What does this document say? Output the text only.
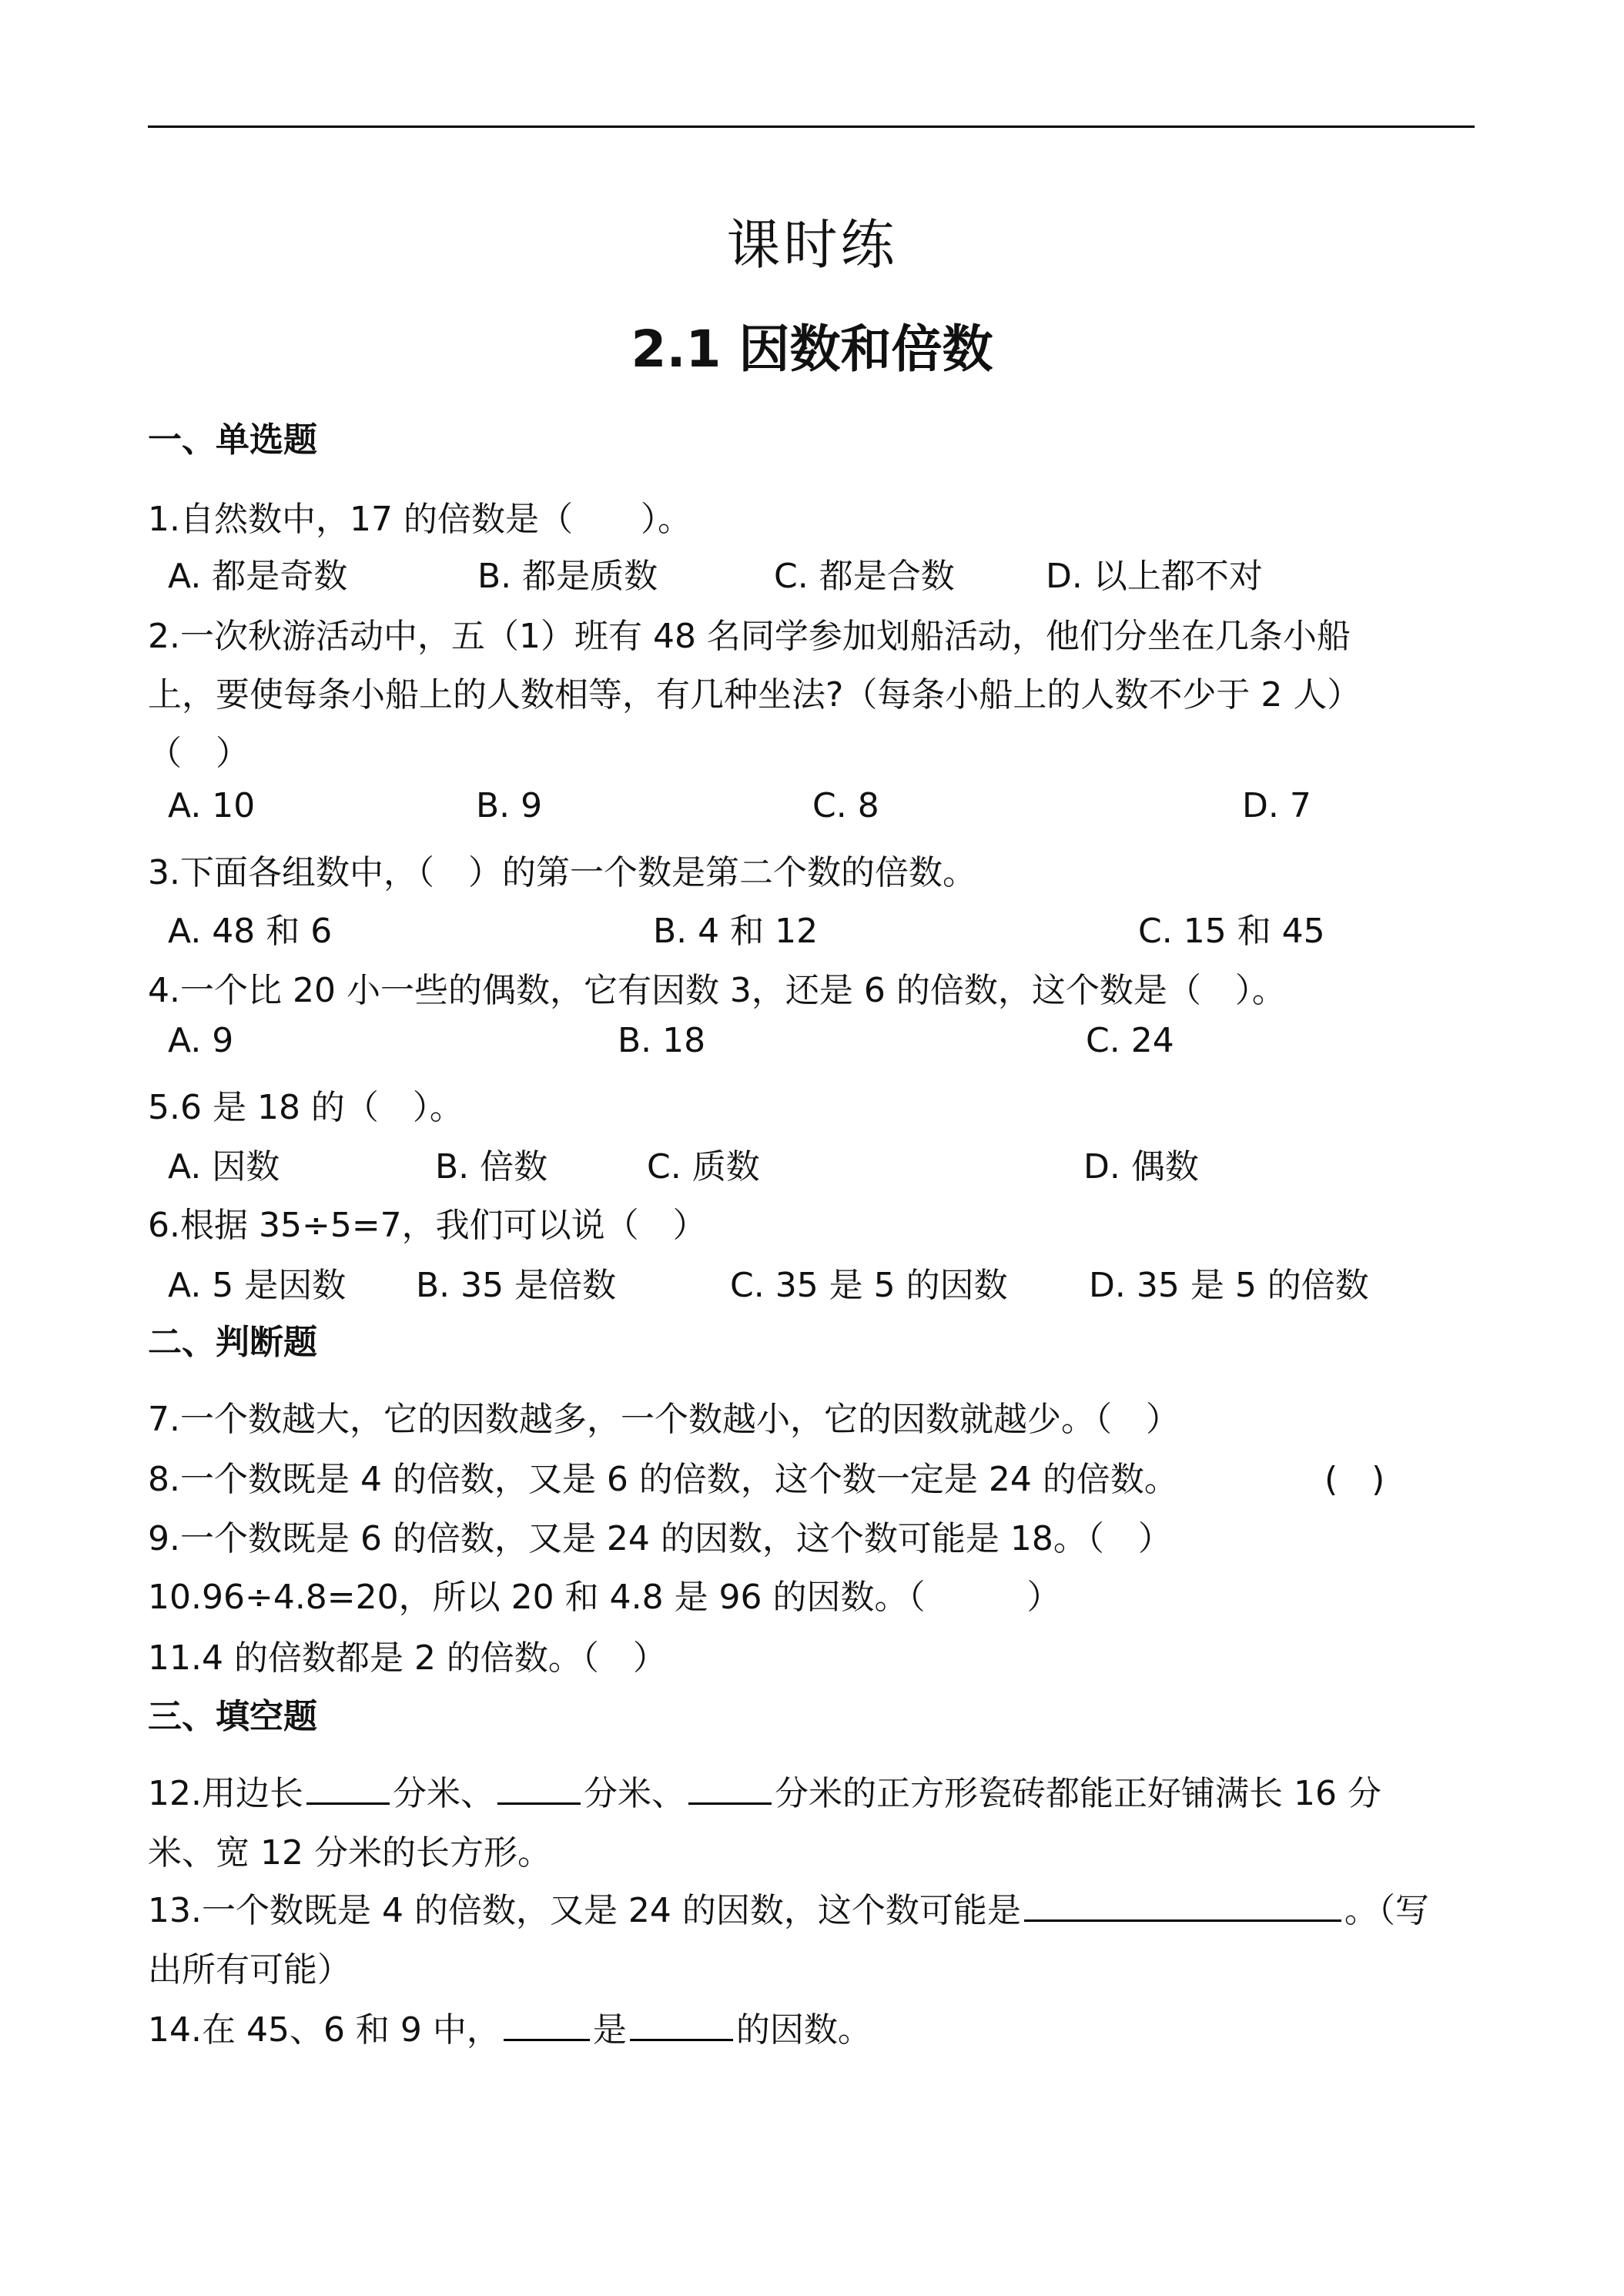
课时练
2.1 因数和倍数
一、单选题
1.自然数中，17 的倍数是（　　）。
A. 都是奇数	B. 都是质数	C. 都是合数	D. 以上都不对
2.一次秋游活动中，五（1）班有 48 名同学参加划船活动，他们分坐在几条小船
上，要使每条小船上的人数相等，有几种坐法?（每条小船上的人数不少于 2 人）
（　）
A. 10	B. 9	C. 8	D. 7
3.下面各组数中，（　）的第一个数是第二个数的倍数。
A. 48 和 6	B. 4 和 12	C. 15 和 45
4.一个比 20 小一些的偶数，它有因数 3，还是 6 的倍数，这个数是（　）。
A. 9	B. 18	C. 24
5.6 是 18 的（　）。
A. 因数	B. 倍数	C. 质数	D. 偶数
6.根据 35÷5=7，我们可以说（　）
A. 5 是因数 B. 35 是倍数	C. 35 是 5 的因数 D. 35 是 5 的倍数
二、判断题
7.一个数越大，它的因数越多，一个数越小，它的因数就越少。（　）
8.一个数既是 4 的倍数，又是 6 的倍数，这个数一定是 24 的倍数。	(　)
9.一个数既是 6 的倍数，又是 24 的因数，这个数可能是 18。（　）
10.96÷4.8=20，所以 20 和 4.8 是 96 的因数。（　　　）
11.4 的倍数都是 2 的倍数。（　）
三、填空题
12.用边长	分米、	分米、	分米的正方形瓷砖都能正好铺满长 16 分
米、宽 12 分米的长方形。
13.一个数既是 4 的倍数，又是 24 的因数，这个数可能是	。（写
出所有可能）
14.在 45、6 和 9 中，	是	的因数。
